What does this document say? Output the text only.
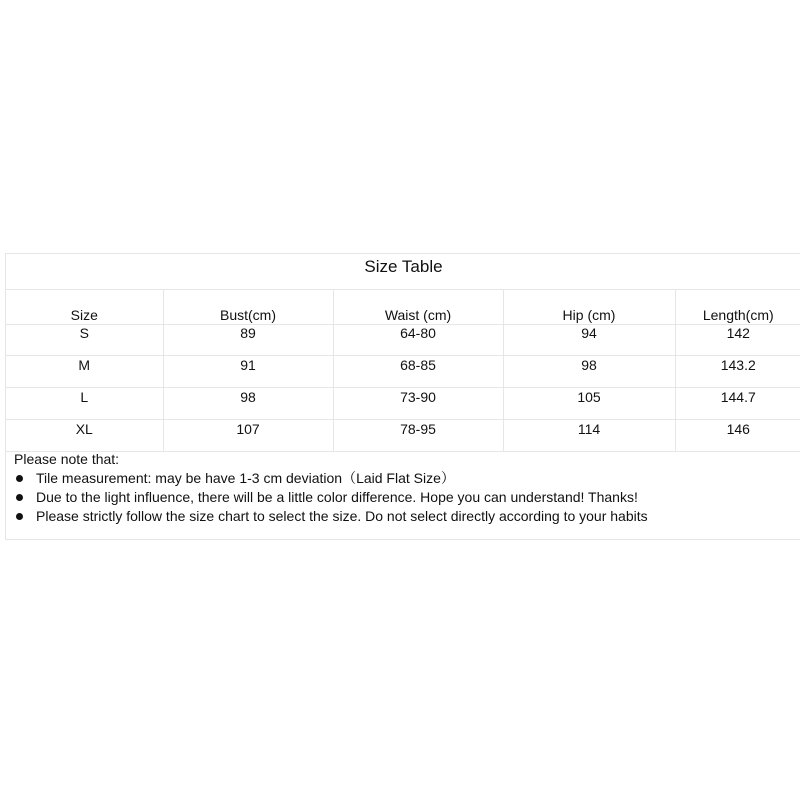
Size Table
Size	Bust(cm)	Waist (cm)	Hip (cm)	Length(cm)
S	89	64-80	94	142
M	91	68-85	98	143.2
L	98	73-90	105	144.7
XL	107	78-95	114	146
Please note that:
Tile measurement: may be have 1-3 cm deviation（Laid Flat Size）
Due to the light influence, there will be a little color difference. Hope you can understand! Thanks!
Please strictly follow the size chart to select the size. Do not select directly according to your habits
